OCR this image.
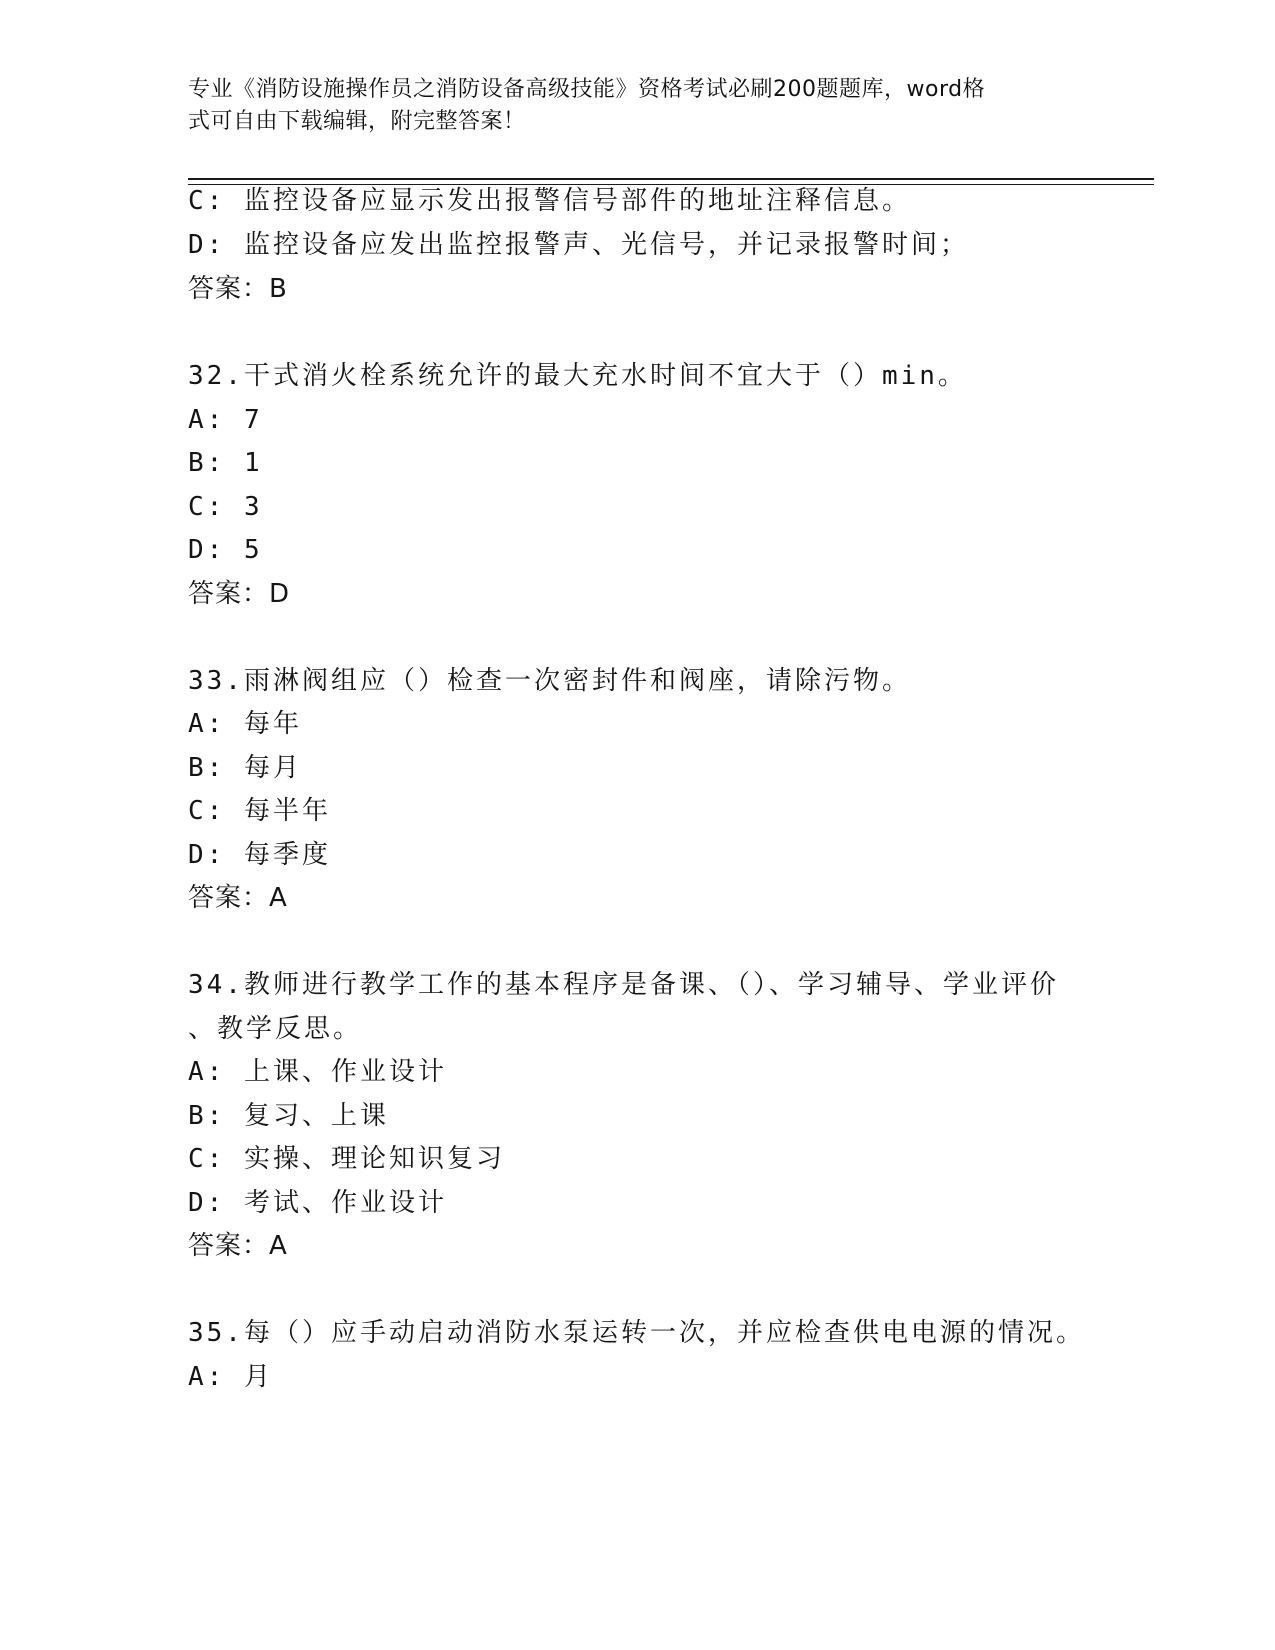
专业《消防设施操作员之消防设备高级技能》资格考试必刷200题题库，word格
式可自由下载编辑，附完整答案！
C: 监控设备应显示发出报警信号部件的地址注释信息。
D: 监控设备应发出监控报警声、光信号，并记录报警时间；
答案：B
32.干式消火栓系统允许的最大充水时间不宜大于（）min。
A: 7
B: 1
C: 3
D: 5
答案：D
33.雨淋阀组应（）检查一次密封件和阀座，请除污物。
A: 每年
B: 每月
C: 每半年
D: 每季度
答案：A
34.教师进行教学工作的基本程序是备课、（）、学习辅导、学业评价
、教学反思。
A: 上课、作业设计
B: 复习、上课
C: 实操、理论知识复习
D: 考试、作业设计
答案：A
35.每（）应手动启动消防水泵运转一次，并应检查供电电源的情况。
A: 月
